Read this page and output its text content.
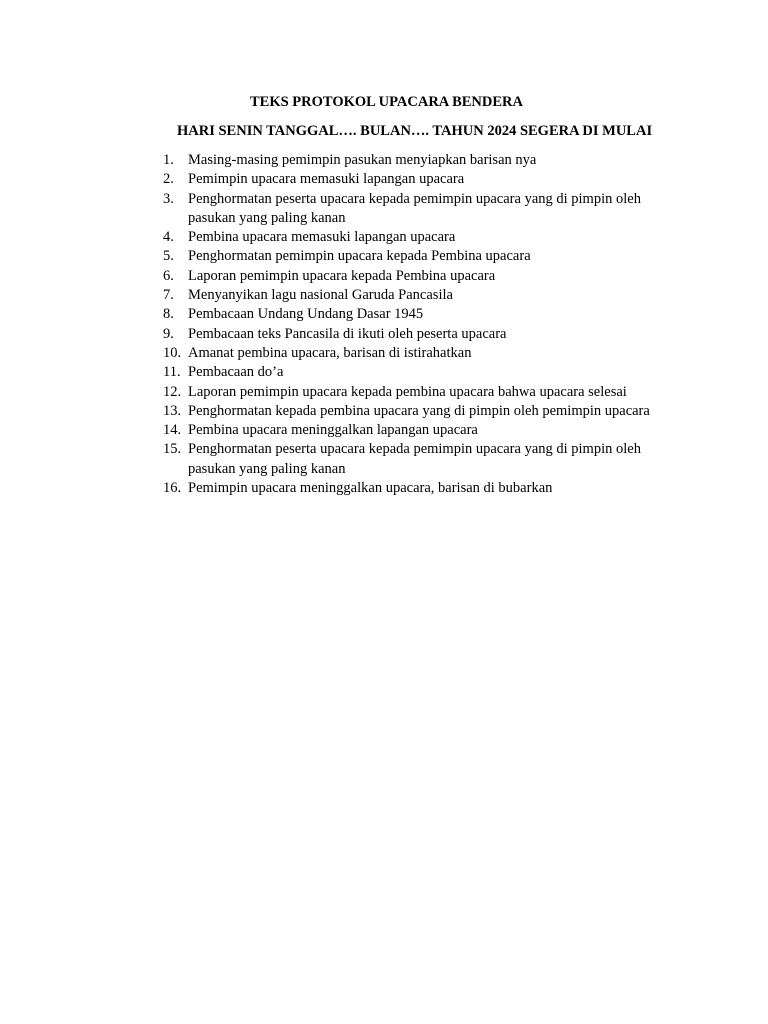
TEKS PROTOKOL UPACARA BENDERA
HARI SENIN TANGGAL…. BULAN…. TAHUN 2024 SEGERA DI MULAI
1. Masing-masing pemimpin pasukan menyiapkan barisan nya
2. Pemimpin upacara memasuki lapangan upacara
3. Penghormatan peserta upacara kepada pemimpin upacara yang di pimpin oleh pasukan yang paling kanan
4. Pembina upacara memasuki lapangan upacara
5. Penghormatan pemimpin upacara kepada Pembina upacara
6. Laporan pemimpin upacara kepada Pembina upacara
7. Menyanyikan lagu nasional Garuda Pancasila
8. Pembacaan Undang Undang Dasar 1945
9. Pembacaan teks Pancasila di ikuti oleh peserta upacara
10. Amanat pembina upacara, barisan di istirahatkan
11. Pembacaan do’a
12. Laporan pemimpin upacara kepada pembina upacara bahwa upacara selesai
13. Penghormatan kepada pembina upacara yang di pimpin oleh pemimpin upacara
14. Pembina upacara meninggalkan lapangan upacara
15. Penghormatan peserta upacara kepada pemimpin upacara yang di pimpin oleh pasukan yang paling kanan
16. Pemimpin upacara meninggalkan upacara, barisan di bubarkan
